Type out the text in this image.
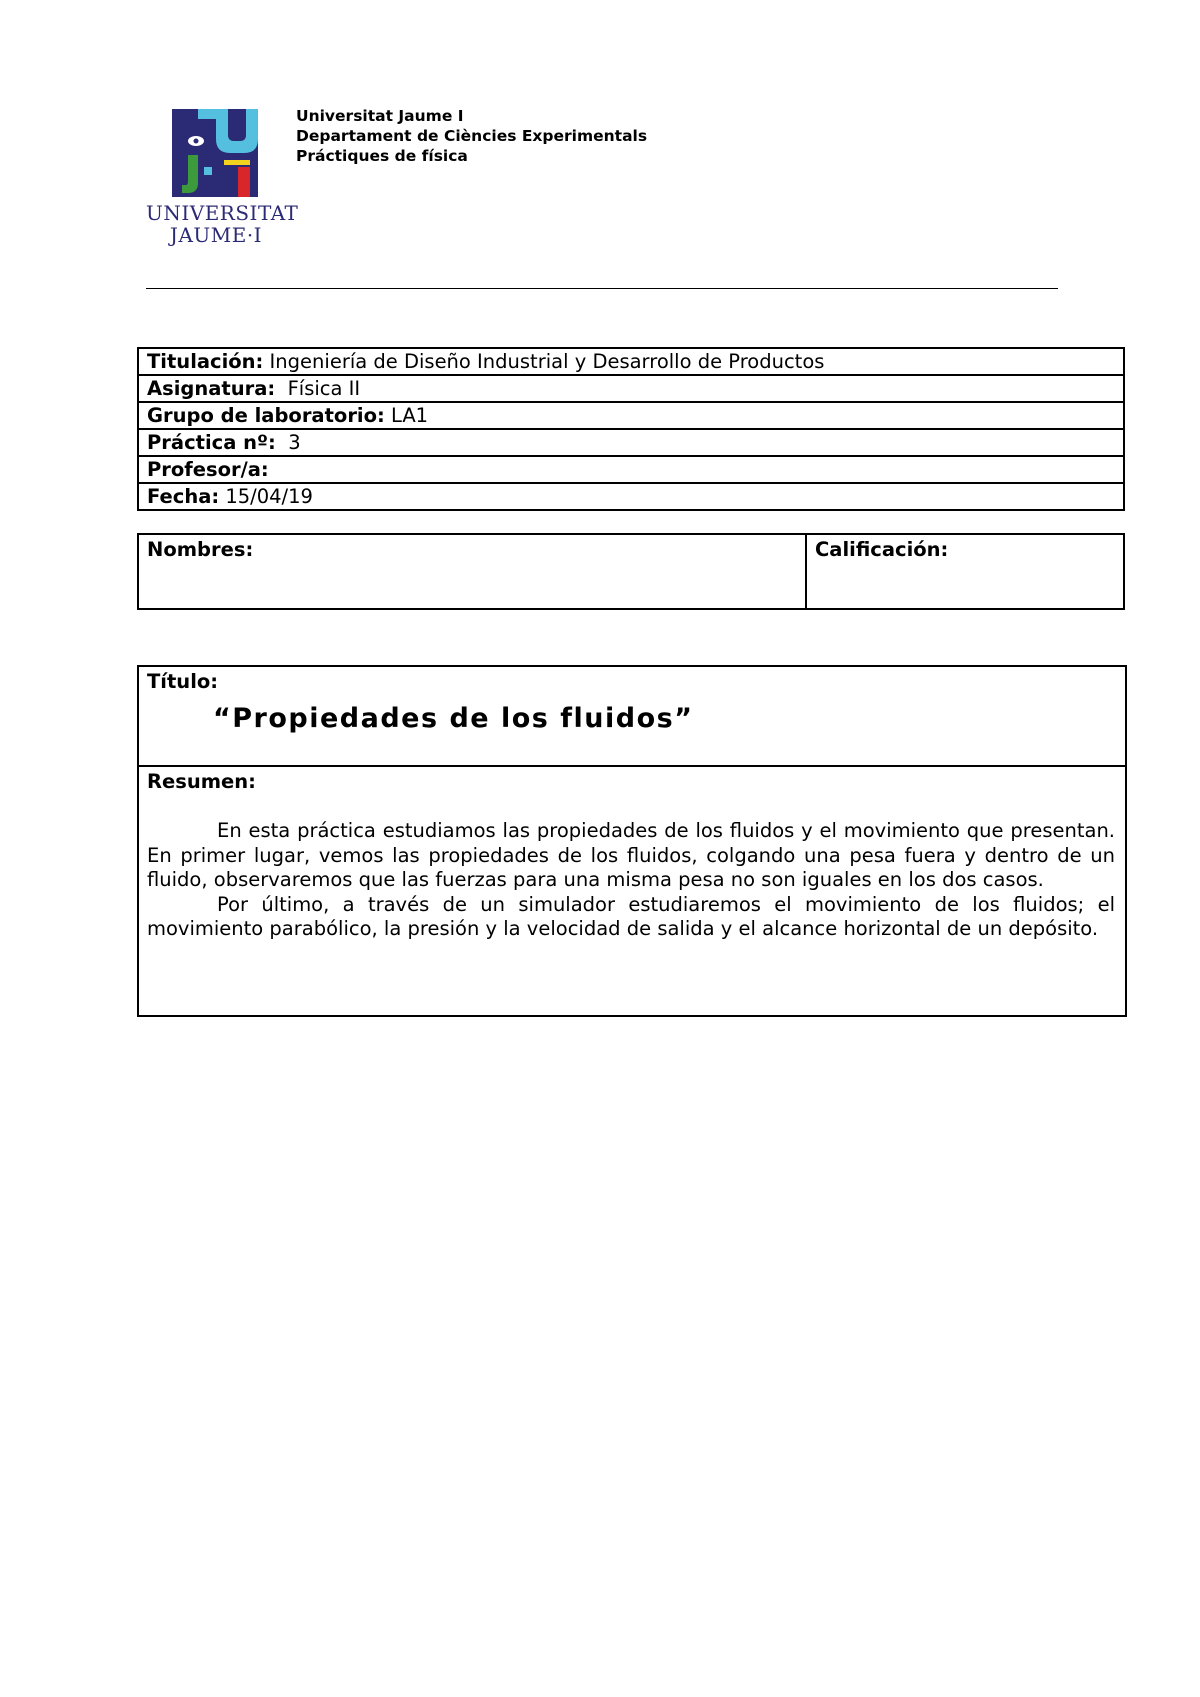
UNIVERSITAT
JAUME·I
Universitat Jaume I
Departament de Ciències Experimentals
Práctiques de física
Titulación: Ingeniería de Diseño Industrial y Desarrollo de Productos
Asignatura:  Física II
Grupo de laboratorio: LA1
Práctica nº:  3
Profesor/a:
Fecha: 15/04/19
Nombres:	Calificación:
Título:
“Propiedades de los fluidos”
Resumen:

En esta práctica estudiamos las propiedades de los fluidos y el movimiento que presentan. En primer lugar, vemos las propiedades de los fluidos, colgando una pesa fuera y dentro de un fluido, observaremos que las fuerzas para una misma pesa no son iguales en los dos casos.

Por último, a través de un simulador estudiaremos el movimiento de los fluidos; el movimiento parabólico, la presión y la velocidad de salida y el alcance horizontal de un depósito.
